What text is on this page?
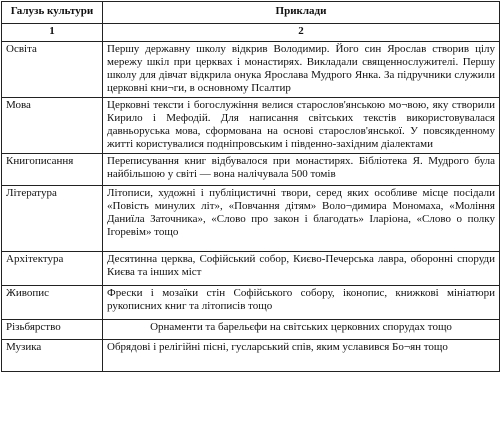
Галузь культури	Приклади
1	2
Освіта	Першу державну школу відкрив Володимир. Його син Ярослав створив цілу мережу шкіл при церквах і монастирях. Викладали священнослужителі. Першу школу для дівчат відкрила онука Ярослава Мудрого Янка. За підручники служили церковні кни¬ги, в основному Псалтир
Мова	Церковні тексти і богослужіння велися старослов'янською мо¬вою, яку створили Кирило і Мефодій. Для написання світських текстів використовувалася давньоруська мова, сформована на основі старослов'янської. У повсякденному житті користувалися подніпровським і південно-західним діалектами
Книгописання	Переписування книг відбувалося при монастирях. Бібліотека Я. Мудрого була найбільшою у світі — вона налічувала 500 томів
Література	Літописи, художні і публіцистичні твори, серед яких особливе місце посідали «Повість минулих літ», «Повчання дітям» Воло¬димира Мономаха, «Моління Даниїла Заточника», «Слово про закон і благодать» Іларіона, «Слово о полку Ігоревім» тощо
Архітектура	Десятинна церква, Софійський собор, Києво-Печерська лавра, оборонні споруди Києва та інших міст
Живопис	Фрески і мозаїки стін Софійського собору, іконопис, книжкові мініатюри рукописних книг та літописів тощо
Різьбярство	Орнаменти та барельєфи на світських церковних спорудах тощо
Музика	Обрядові і релігійні пісні, гусларський спів, яким уславився Бо¬ян тощо
